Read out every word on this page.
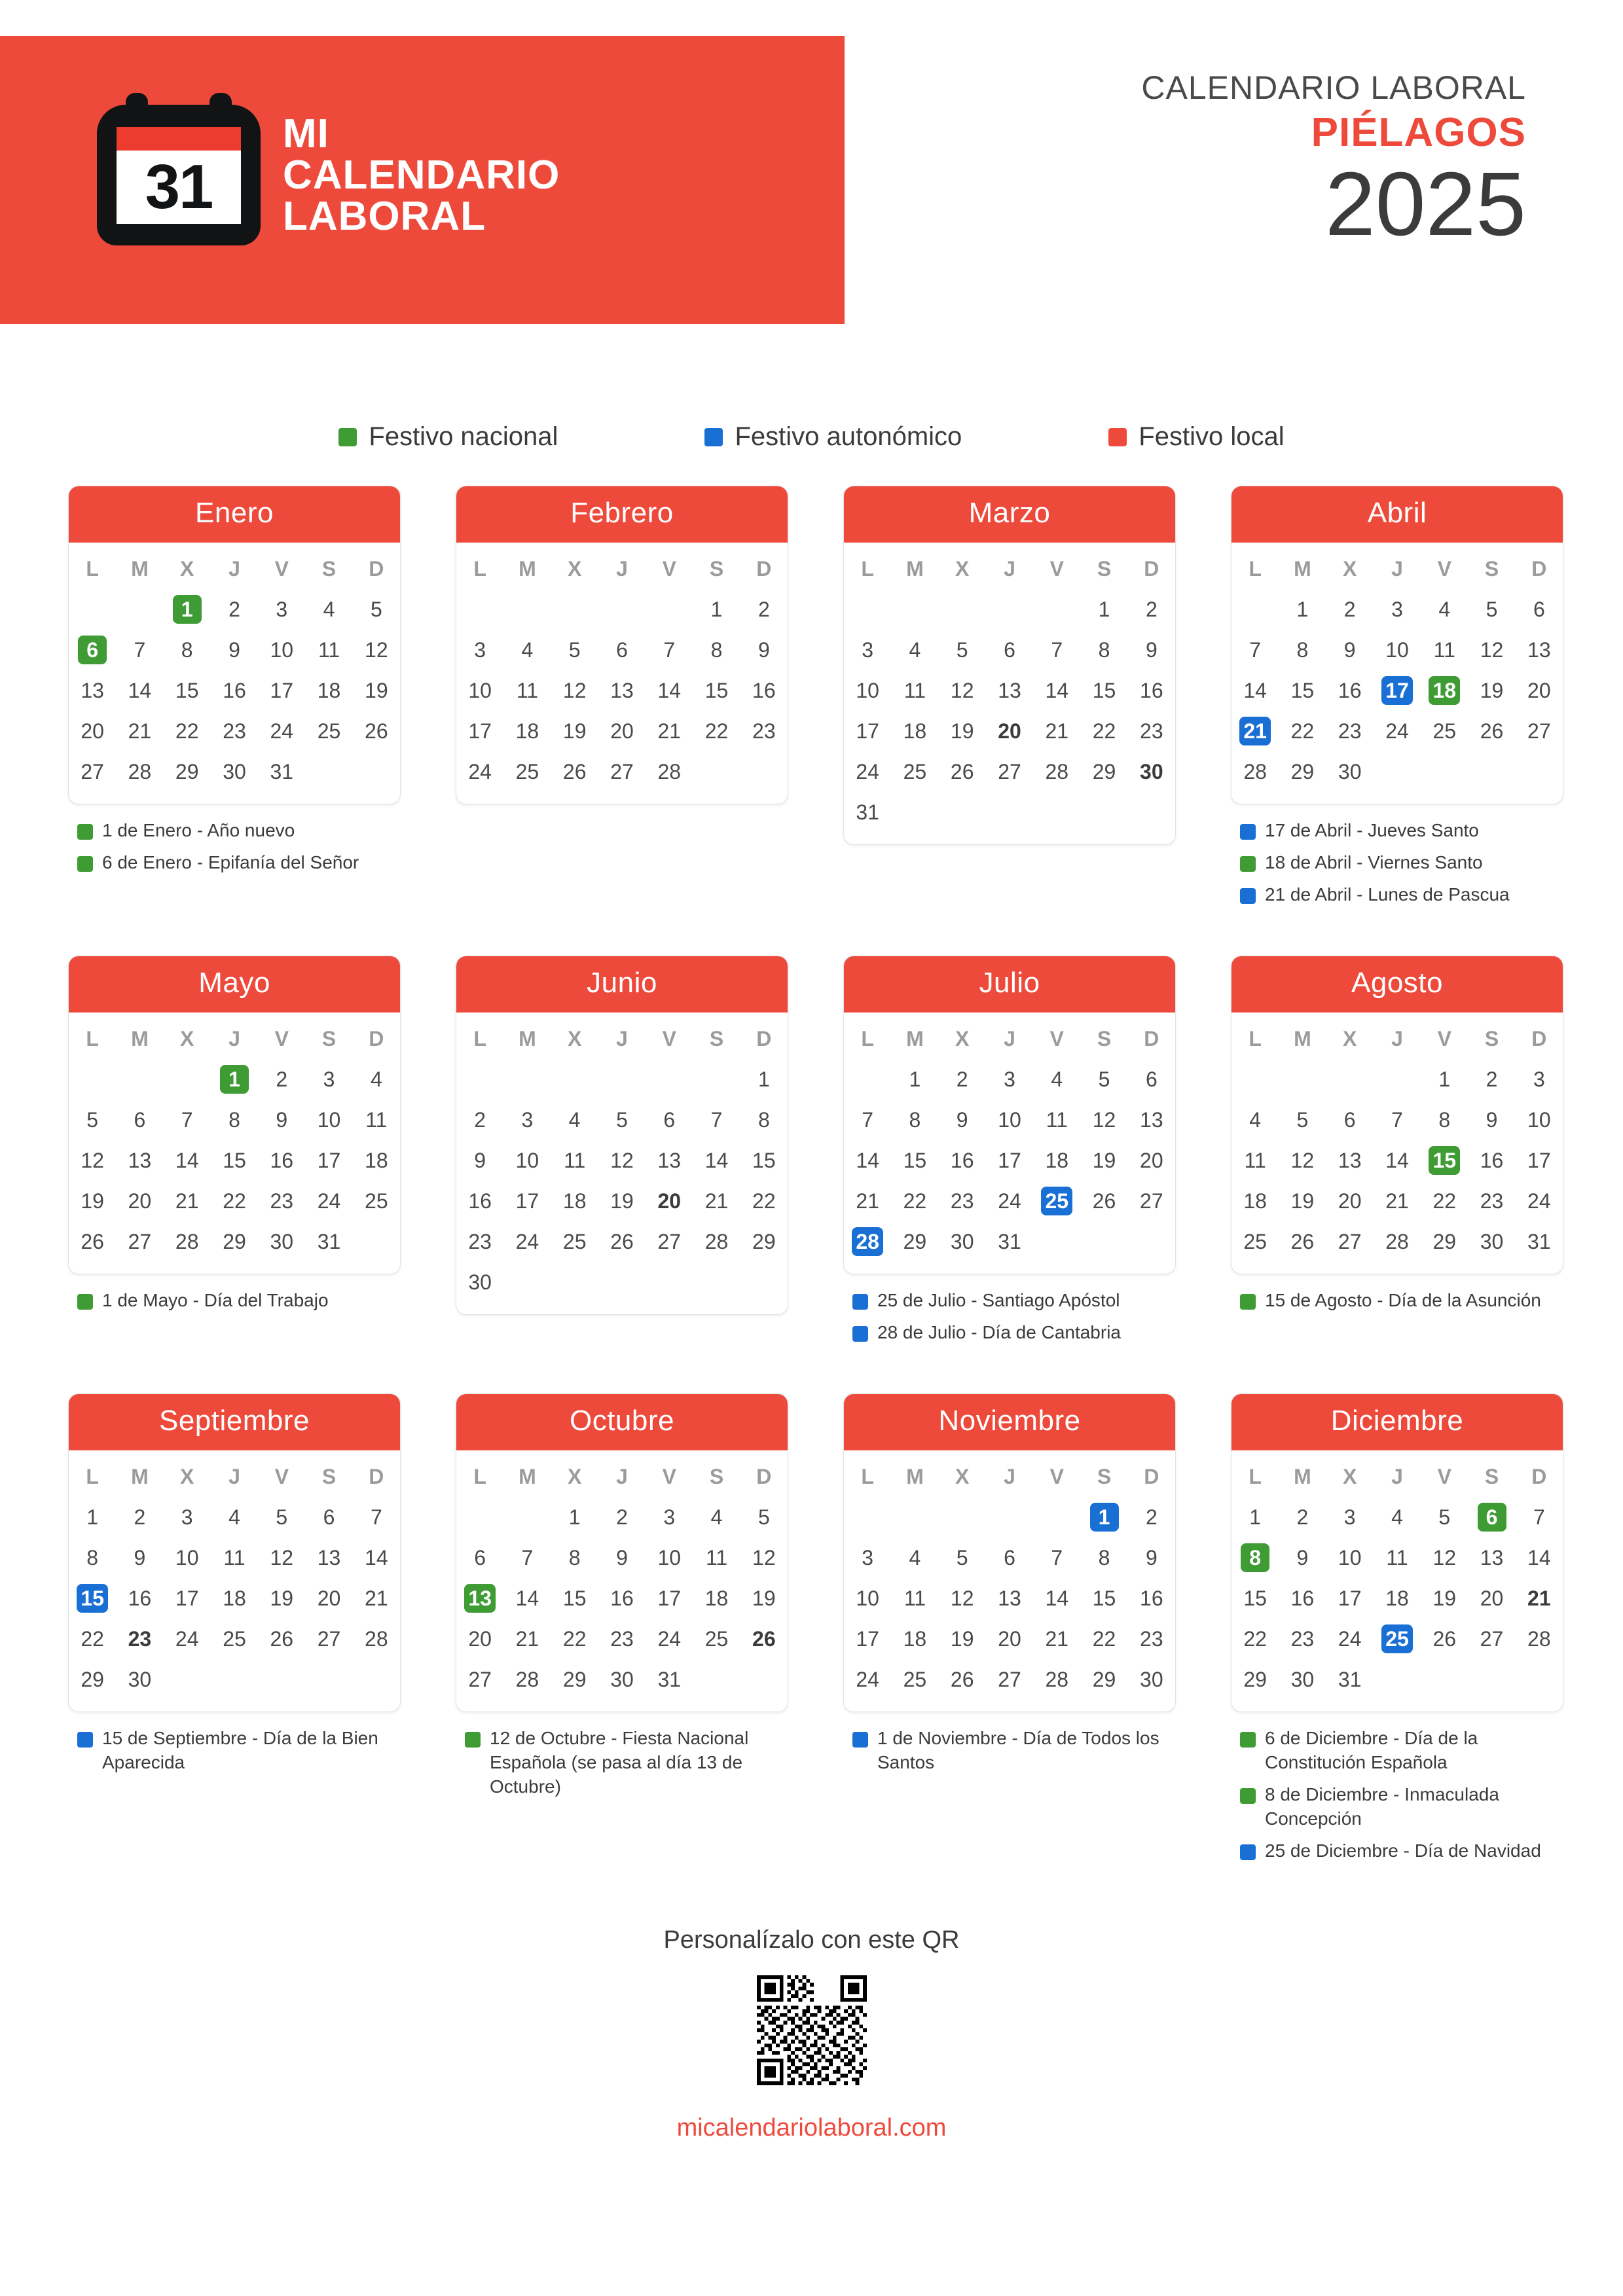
31
MI
CALENDARIO
LABORAL
CALENDARIO LABORAL
PIÉLAGOS
2025
Festivo nacional	Festivo autonómico	Festivo local
Enero
L	M	X	J	V	S	D
		1	2	3	4	5
6	7	8	9	10	11	12
13	14	15	16	17	18	19
20	21	22	23	24	25	26
27	28	29	30	31		
1 de Enero - Año nuevo
6 de Enero - Epifanía del Señor
Febrero
L	M	X	J	V	S	D
					1	2
3	4	5	6	7	8	9
10	11	12	13	14	15	16
17	18	19	20	21	22	23
24	25	26	27	28		
Marzo
L	M	X	J	V	S	D
					1	2
3	4	5	6	7	8	9
10	11	12	13	14	15	16
17	18	19	20	21	22	23
24	25	26	27	28	29	30
31						
Abril
L	M	X	J	V	S	D
	1	2	3	4	5	6
7	8	9	10	11	12	13
14	15	16	17	18	19	20
21	22	23	24	25	26	27
28	29	30				
17 de Abril - Jueves Santo
18 de Abril - Viernes Santo
21 de Abril - Lunes de Pascua
Mayo
L	M	X	J	V	S	D
			1	2	3	4
5	6	7	8	9	10	11
12	13	14	15	16	17	18
19	20	21	22	23	24	25
26	27	28	29	30	31	
1 de Mayo - Día del Trabajo
Junio
L	M	X	J	V	S	D
						1
2	3	4	5	6	7	8
9	10	11	12	13	14	15
16	17	18	19	20	21	22
23	24	25	26	27	28	29
30						
Julio
L	M	X	J	V	S	D
	1	2	3	4	5	6
7	8	9	10	11	12	13
14	15	16	17	18	19	20
21	22	23	24	25	26	27
28	29	30	31			
25 de Julio - Santiago Apóstol
28 de Julio - Día de Cantabria
Agosto
L	M	X	J	V	S	D
				1	2	3
4	5	6	7	8	9	10
11	12	13	14	15	16	17
18	19	20	21	22	23	24
25	26	27	28	29	30	31
15 de Agosto - Día de la Asunción
Septiembre
L	M	X	J	V	S	D
1	2	3	4	5	6	7
8	9	10	11	12	13	14
15	16	17	18	19	20	21
22	23	24	25	26	27	28
29	30					
15 de Septiembre - Día de la Bien Aparecida
Octubre
L	M	X	J	V	S	D
		1	2	3	4	5
6	7	8	9	10	11	12
13	14	15	16	17	18	19
20	21	22	23	24	25	26
27	28	29	30	31		
12 de Octubre - Fiesta Nacional Española (se pasa al día 13 de Octubre)
Noviembre
L	M	X	J	V	S	D
					1	2
3	4	5	6	7	8	9
10	11	12	13	14	15	16
17	18	19	20	21	22	23
24	25	26	27	28	29	30
1 de Noviembre - Día de Todos los Santos
Diciembre
L	M	X	J	V	S	D
1	2	3	4	5	6	7
8	9	10	11	12	13	14
15	16	17	18	19	20	21
22	23	24	25	26	27	28
29	30	31				
6 de Diciembre - Día de la Constitución Española
8 de Diciembre - Inmaculada Concepción
25 de Diciembre - Día de Navidad
Personalízalo con este QR
micalendariolaboral.com
